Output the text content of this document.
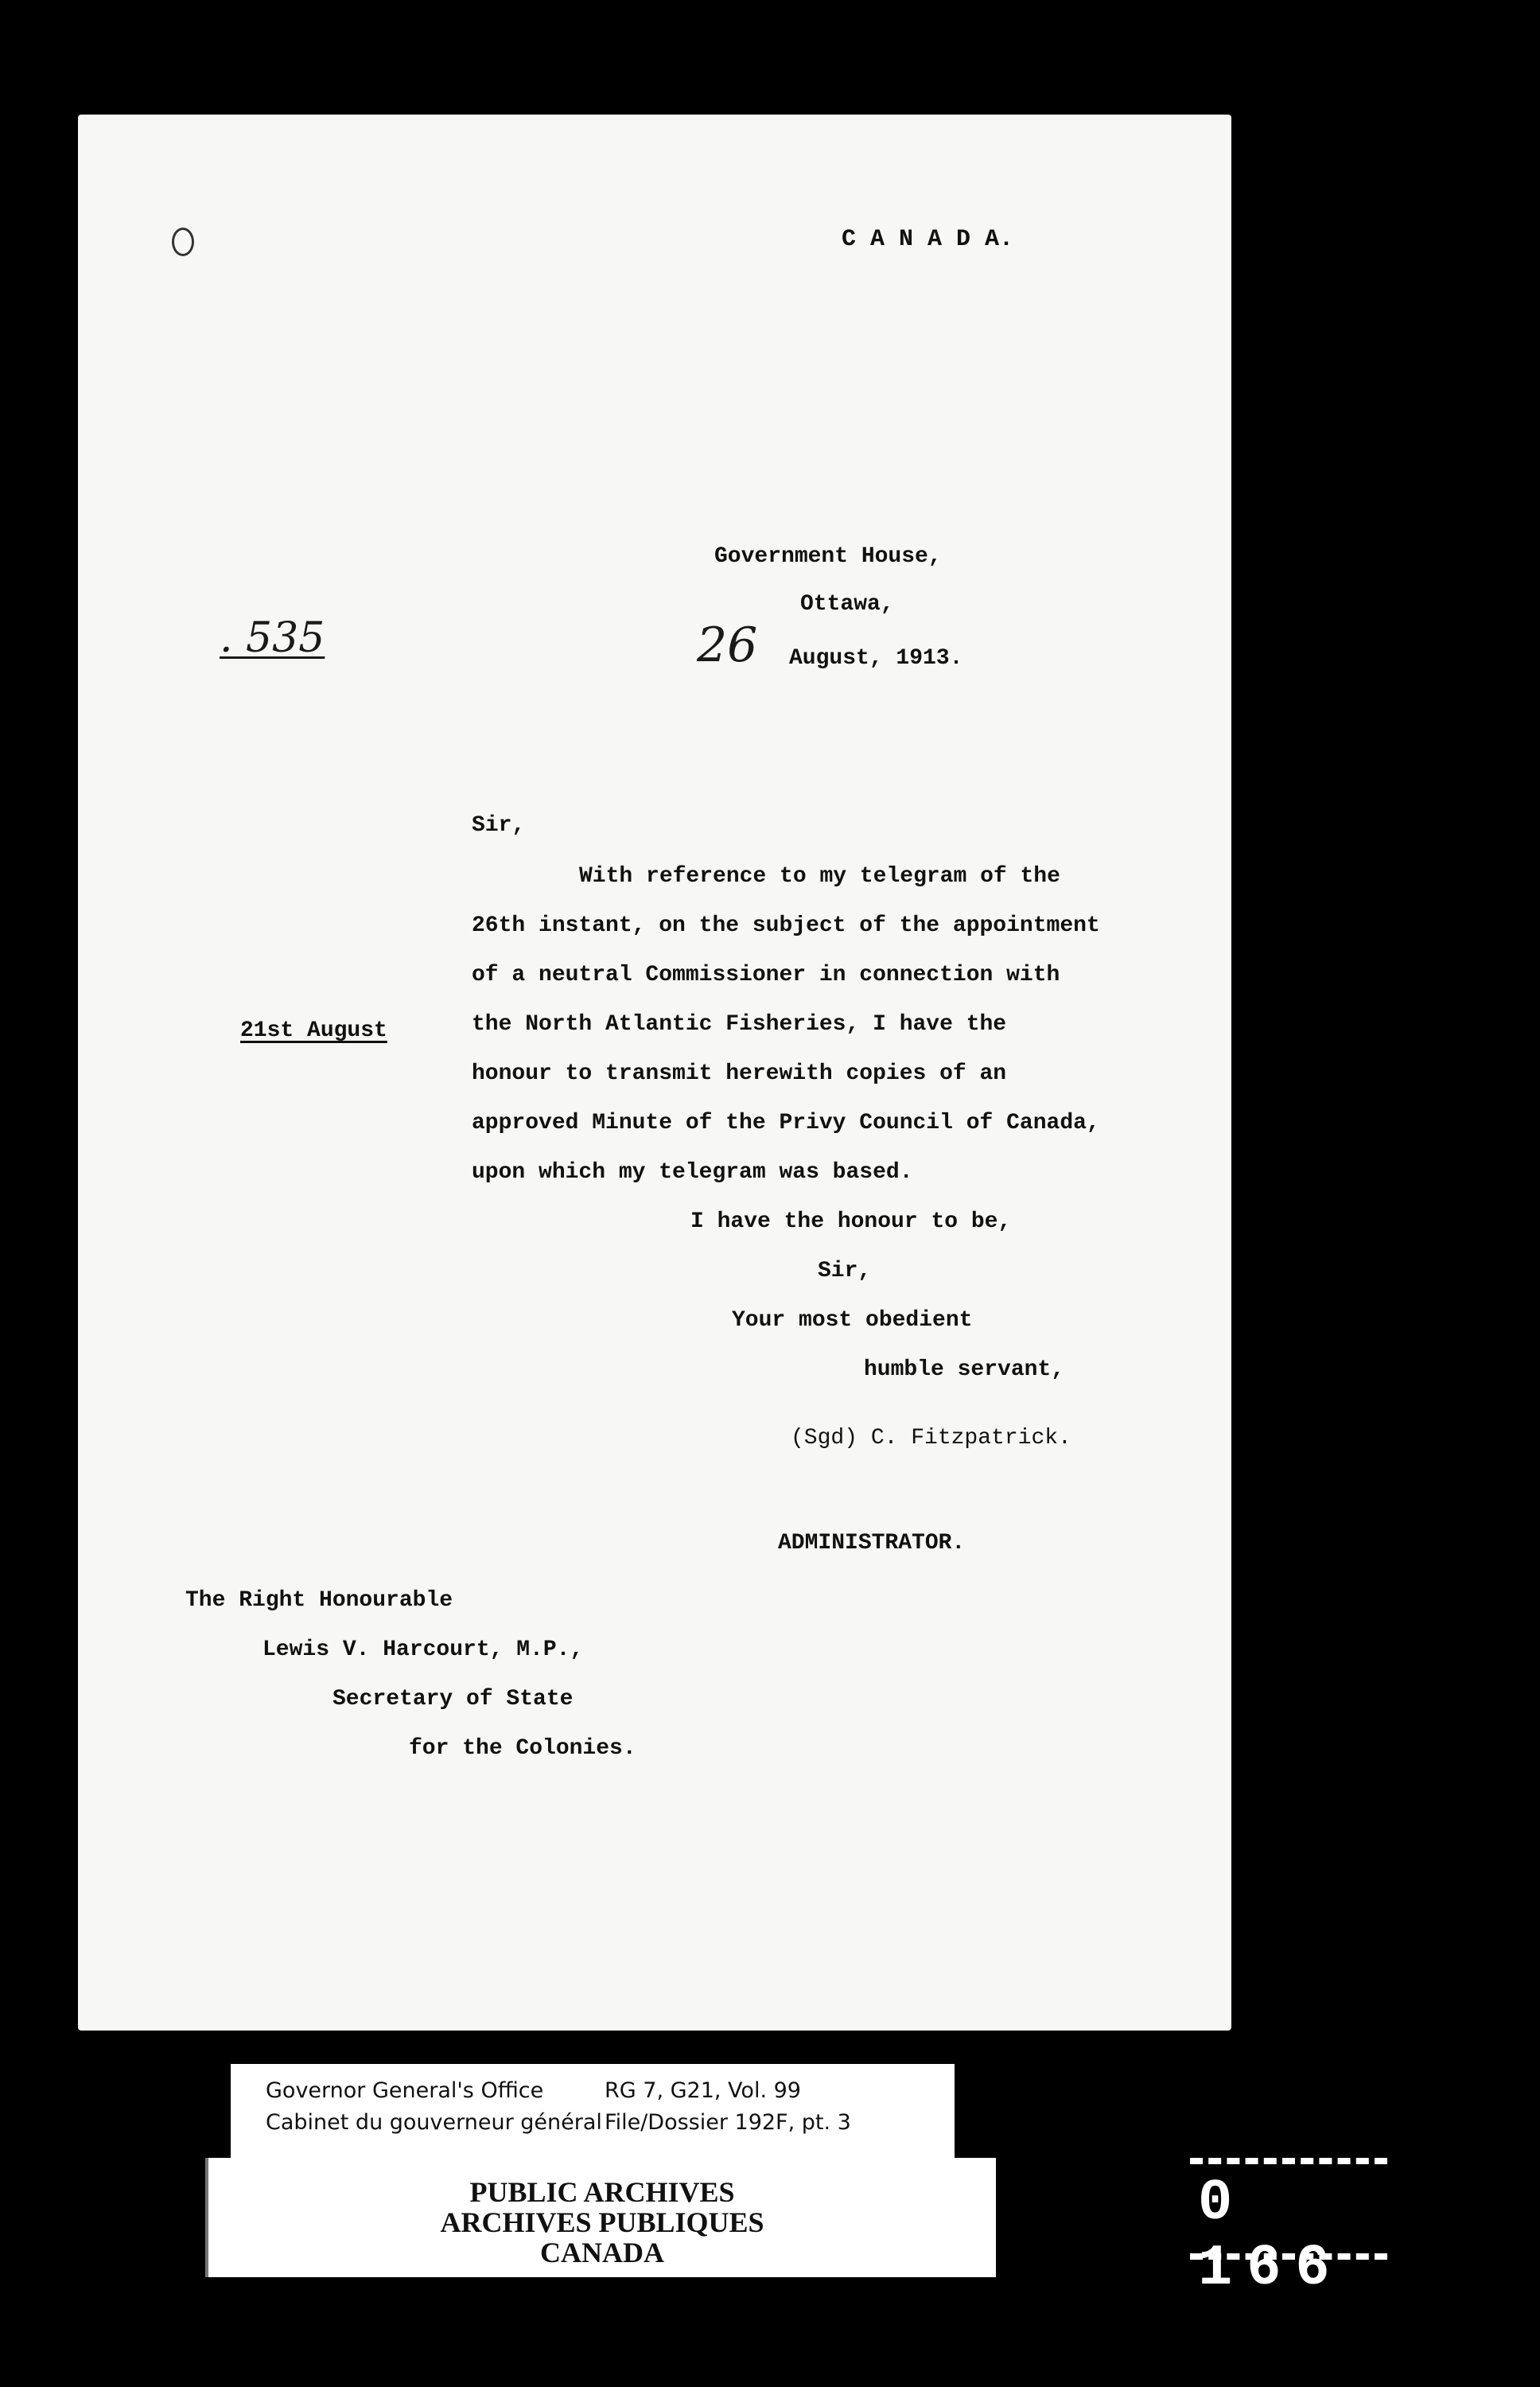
C A N A D A.

. 535

Government House,

Ottawa,

26 August, 1913.

Sir,

21st August

With reference to my telegram of the

26th instant, on the subject of the appointment

of a neutral Commissioner in connection with

the North Atlantic Fisheries, I have the

honour to transmit herewith copies of an

approved Minute of the Privy Council of Canada,

upon which my telegram was based.

I have the honour to be,

Sir,

Your most obedient

humble servant,

(Sgd) C. Fitzpatrick.

ADMINISTRATOR.

The Right Honourable

Lewis V. Harcourt, M.P.,

Secretary of State

for the Colonies.

Governor General's Office
Cabinet du gouverneur général
RG 7, G21, Vol. 99
File/Dossier 192F, pt. 3
PUBLIC ARCHIVES
ARCHIVES PUBLIQUES
CANADA
0 166
